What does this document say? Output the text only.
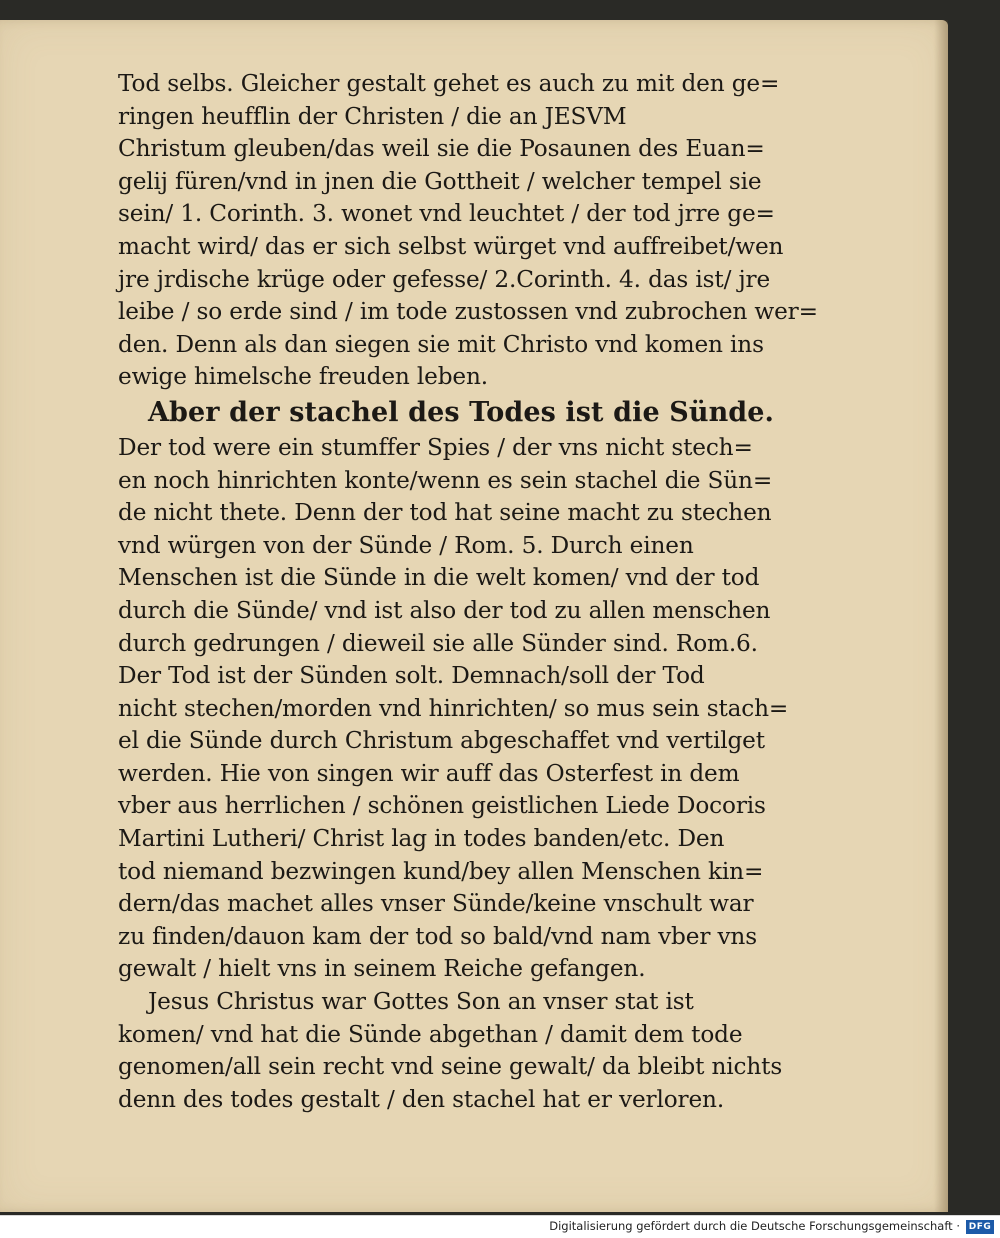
Tod selbs. Gleicher gestalt gehet es auch zu mit den ge=
ringen heufflin der Christen / die an JESVM
Christum gleuben/das weil sie die Posaunen des Euan=
gelij füren/vnd in jnen die Gottheit / welcher tempel sie
sein/ 1. Corinth. 3. wonet vnd leuchtet / der tod jrre ge=
macht wird/ das er sich selbst würget vnd auffreibet/wen
jre jrdische krüge oder gefesse/ 2.Corinth. 4. das ist/ jre
leibe / so erde sind / im tode zustossen vnd zubrochen wer=
den. Denn als dan siegen sie mit Christo vnd komen ins
ewige himelsche freuden leben.
Aber der stachel des Todes ist die Sünde.
Der tod were ein stumffer Spies / der vns nicht stech=
en noch hinrichten konte/wenn es sein stachel die Sün=
de nicht thete. Denn der tod hat seine macht zu stechen
vnd würgen von der Sünde / Rom. 5. Durch einen
Menschen ist die Sünde in die welt komen/ vnd der tod
durch die Sünde/ vnd ist also der tod zu allen menschen
durch gedrungen / dieweil sie alle Sünder sind. Rom.6.
Der Tod ist der Sünden solt. Demnach/soll der Tod
nicht stechen/morden vnd hinrichten/ so mus sein stach=
el die Sünde durch Christum abgeschaffet vnd vertilget
werden. Hie von singen wir auff das Osterfest in dem
vber aus herrlichen / schönen geistlichen Liede Docoris
Martini Lutheri/ Christ lag in todes banden/etc. Den
tod niemand bezwingen kund/bey allen Menschen kin=
dern/das machet alles vnser Sünde/keine vnschult war
zu finden/dauon kam der tod so bald/vnd nam vber vns
gewalt / hielt vns in seinem Reiche gefangen.
Jesus Christus war Gottes Son an vnser stat ist
komen/ vnd hat die Sünde abgethan / damit dem tode
genomen/all sein recht vnd seine gewalt/ da bleibt nichts
denn des todes gestalt / den stachel hat er verloren.
Digitalisierung gefördert durch die Deutsche Forschungsgemeinschaft · DFG
